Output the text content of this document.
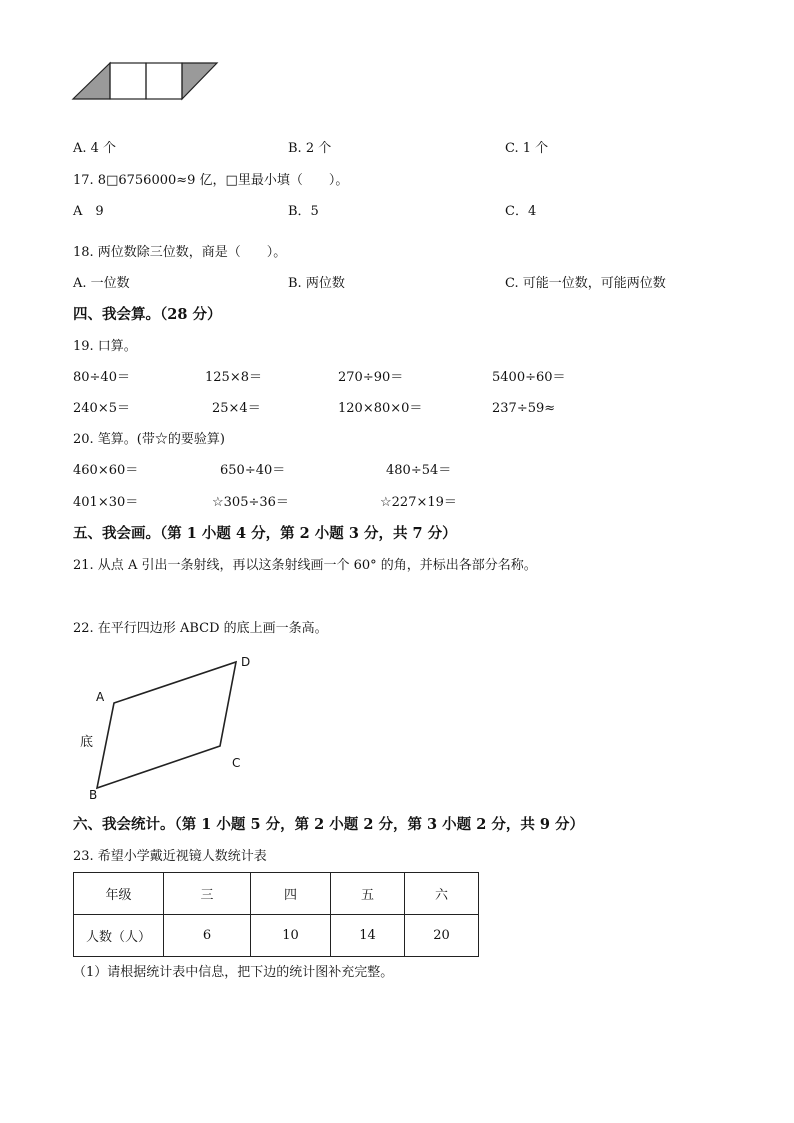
A. 4 个	B. 2 个	C. 1 个
17. 8□6756000≈9 亿，□里最小填（　　）。
A　9	B．5	C．4
18. 两位数除三位数，商是（　　）。
A. 一位数	B. 两位数	C. 可能一位数，可能两位数
四、我会算。（28 分）
19. 口算。
80÷40＝	125×8＝	270÷90＝	5400÷60＝
240×5＝	25×4＝	120×80×0＝	237÷59≈
20. 笔算。(带☆的要验算)
460×60＝	650÷40＝	480÷54＝
401×30＝	☆305÷36＝	☆227×19＝
五、我会画。（第 1 小题 4 分，第 2 小题 3 分，共 7 分）
21. 从点 A 引出一条射线，再以这条射线画一个 60° 的角，并标出各部分名称。
22. 在平行四边形 ABCD 的底上画一条高。
A
D
C
B
底
六、我会统计。（第 1 小题 5 分，第 2 小题 2 分，第 3 小题 2 分，共 9 分）
23. 希望小学戴近视镜人数统计表
年级	三	四	五	六
人数（人）	6	10	14	20
（1）请根据统计表中信息，把下边的统计图补充完整。
